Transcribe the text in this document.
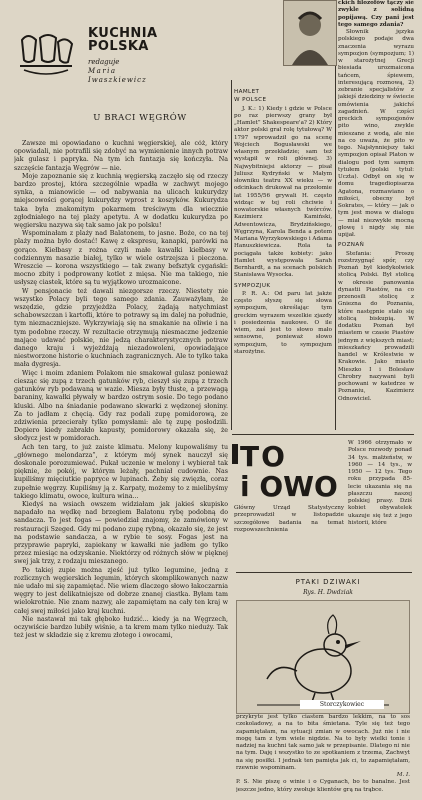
KUCHNIA
POLSKA
redaguje
Maria
Iwaszkiewicz
U BRACI WĘGRÓW

Zawsze mi opowiadano o kuchni węgierskiej, ale cóż, który opowiadali, nie potrafili się zdobyć na wymienienie innych potraw jak gulasz i papryka. Na tym ich fantazja się kończyła. Na szczęście fantazja Węgrów — nie.

Moje zapoznanie się z kuchnią węgierską zaczęło się od rzeczy bardzo prostej, która szczególnie wpadła w zachwyt mojego synka, a mianowicie — od nabywania na ulicach kukurydzy miejscowości gorącej kukurydzy wprost z koszyków. Kukurydza taka była znakomitym pokarmem treściwym dla wiecznie zgłodniałego na tej plaży apetytu. A w dodatku kukurydza po węgiersku nazywa się tak samo jak po polsku!

Wspominałam z plaży nad Balatonem, to jasne. Boże, co na tej plaży można było dostać! Kawę z ekspresu, kanapki, parówki na gorąco. Kiełbasy z rożna czyli małe kawałki kiełbasy w codziennym nasazie białej, tylko w wiele ostrzejsza i pieczona. Wreszcie — korona wszystkiego — tak zwany befsztyk cygański: mocno zbity i podprowany kotlet z mięsa. Nie ma takiego, nie usłyszę ciastek, które są tu wyjątkowo urozmaicone.

W pensjonacie też dawali niezgorsze rzeczy. Niestety nie wszystko Polacy byli tego samego zdania. Zauważyłam, że wszędzie, gdzie przyjeżdża Polacy, żądają natychmiast schabowszczan i kartofli, które to potrawy są im dalej na południe, tym nieznaczniejsze. Wykrzywiają się na smakanie na oliwie i na tym podobne rzeczy. W rezultacie otrzymują niesmaczne jedzenie mające udawać polskie, nie jedzą charakterystycznych potraw danego kraju i wyjeżdżają niezadowoleni, opowiadające niestworzone historie o kuchniach zagranicznych. Ale to tylko taka mała dygresja.

Więc i moim zdaniem Polakom nie smakował gulasz ponieważ ciesząc się zupą z trzech gatunków ryb, cieszył się zupą z trzech gatunków ryb podawaną w wazie. Miesza były tłuste, a przewagą baraniny, kawałki pływały w bardzo ostrym sosie. Do tego podano kluski. Albo na śniadanie podawano skwarki z wędzonej słoniny. Za to jadłam z chęcią. Gdy raz podali zupę pomidorową, ze zdziwienia przecierały tylko pomysłami: ale tę zupę posłodzili. Dopiero kiedy zabrakło kapusty, pomidorowy okazała się, że słodycz jest w pomidorach.

Ach ten targ, to już zaiste klimatu. Melony kupowaliśmy tu „głównego melondarza”, z którym mój synek nauczył się doskonale porozumiewać. Pukał uczenie w melony i wybierał tak pięknie, że pokój, w którym leżały, pachniał cudownie. Nas kupiliśmy mięciutkie papryce w lupinach. Żeby się zwięzła, coraz zupełnie węgrzy. Kupiliśmy ją z. Karpaty, możemy to z mielibyśmy takiego klimatu, owoce, kultura wina...

Kiedyś na wsiach owszem widziałam jak jakieś skupisko napadało na wędkę nad brzegiem Balatonu rybę podobną do sandacza. To jest fogas — powiedział znajomy, że zamówiony w restauracji Szeged. Gdy mi podano zupę rybną, okazało się, że jest na podstawie sandacza, a w rybie te sosy. Fogas jest na przyprawie papryki, zapiekany w kawałki nie jadłem go tylko przez miesiąc na odzyskanie. Niektórzy od różnych słów w pięknej swej jak trzy, z rodzaju mieszanego.

Po takiej zupie można zjeść już tylko legumine, jedną z rozlicznych węgierskich legumin, których skomplikowanych nazw nie udało mi się zapamiętać. Nie wiem dlaczego słowo łakoczarnia węgry to jest delikatniejsze od dobrze znanej ciastka. Byłam tam wielokrotnie. Nie znam nazwy, ale zapamiętam na cały ten kraj w całej swej miłości jako kraj kuchni.

Nie nastawał mi tak głęboko łudzić... kiedy ja na Węgrzech, oczywiście bardzo lubiły wiśnie, a ta krem mam tylko nieduży. Tak też jest w składzie się z kremu złotego i owocami,

HAMLET
W POLSCE

J. K.: 1) Kiedy i gdzie w Polsce po raz pierwszy grany był „Hamlet” Shakespeare'a? 2) Który aktor polski grał rolę tytułową? W 1797 wprowadził go na scenę Wojciech Bogusławski we własnym przekładzie; sam też wystąpił w roli głównej. 3) Najwybitniejsi aktorzy — pisał Juliusz Kydryński w Małym słowniku teatru XX wieku — w odcinkach drukował na przełomie lat 1955/56 grywali H. często widząc w tej roli chciwie i nowatorskie własnych twórców. Kazimierz Kamiński, Adwentowicza, Brydzińskiego, Węgrzyna, Karola Benda a potem Mariana Wyrzykowskiego i Adama Hanuszkiewicza. Rola ta pociągała także kobiety: jako Hamlet występowała Sarah Bernhardt, a na scenach polskich Stanisława Wysocka.

SYMPOZJUK

P. R. A.: Od paru lat jakże często słyszę się słowa sympozjum, określając tym greckim wyrazem wszelkie zjazdy i posiedzenia naukowe. O ile wiem, zaś jest to słowo mało sensowne, ponieważ słowo sympozjum, to sympozjum starożytne.

ckich filozofów tączy sie zwykle z solidną popijawą. Czy pani jest tego samego zdania?

Słownik języka polskiego podaje dwa znaczenia wyrazu sympozjon (sympozjum; 1) w starożytnej Grecji biesiada urozmaicona tańcem, śpiewem, interesującą rozmową, 2) zebranie specjalistów z jakiejś dziedziny w świecie omówienia jakichś zagadnień. W części greckich sympozjonów pito wino, zwykle mieszane z wodą, ale nie na co uważa, że pito w tego. Najsłynniejszy taki sympozjon opisał Platon w dialogu pod tym samym tytułem (polski tytuł: Uczta). Odbył on się w domu tragediopisarza Agatona, rozmawiano o miłości, obecny był Sokrates, — który — jak o tym jest mowa w dialogu — miał niezwykłe mocną głowę i nigdy się nie upijał.

POZNAŃ

Stefania: Proszę rozstrzygnąć spór, czy Poznań był kiedykolwiek stolicą Polski. Był stolicą w okresie panowania dynastii Piastów, na co przenosili stolicę z Gniezna do Poznania, które następnie stało się stolicą biskupią. W dodatku Poznań był miastem w czasie Piastów jednym z większych miast; mieszkańcy prowadzili handel w Królestwie w Krakowie. Jako miasto Mieszko I i Bolesław Chrobry nazywani byli pochowani w katedrze w Poznaniu, Kazimierz Odnowiciel.

TO
i OWO
Główny Urząd Statystyczny przeprowadził w listopadzie szczegółowe badania na temat rozpowszechnienia
W 1966 otrzymało w Polsce rozwody ponad 34 tys. małżeństw, w 1960 — 14 tys., w 1950 — 12 tys. Tego roku przypada 85-lecie ukazania się na płaszczu naszej polskiej prasy. Dziś kobiet obywatelek ukazuje się też z jego historii, które
PTAKI DZIWAKI
Rys. H. Dwdziak
Storczykowiec

przykryte jest tylko ciastem bardzo lekkim, na to sos czekoladowy, a na to bita śmietana. Tyle się też tego zapamiętałam, na sytuacji zmian w owocach. Już nie i nie mogę tam z tym wiele nigdzie. Na to były wielki tonie i nadziej na kuchni tak samo jak w przepisanie. Dlatego ni nie na tym. Daję i wszystko to ze spotkaniem z trzema, Zachwyt na się posiłki. I jednak ten pamięta jak ci, to zapamiętałam, rzewnie wspominam.

M. I.

P. S. Nie piszę o winie i o Cyganach, bo to banalne. Jest jeszcze jedno, który zwołuje klientów grą na trąbce.
